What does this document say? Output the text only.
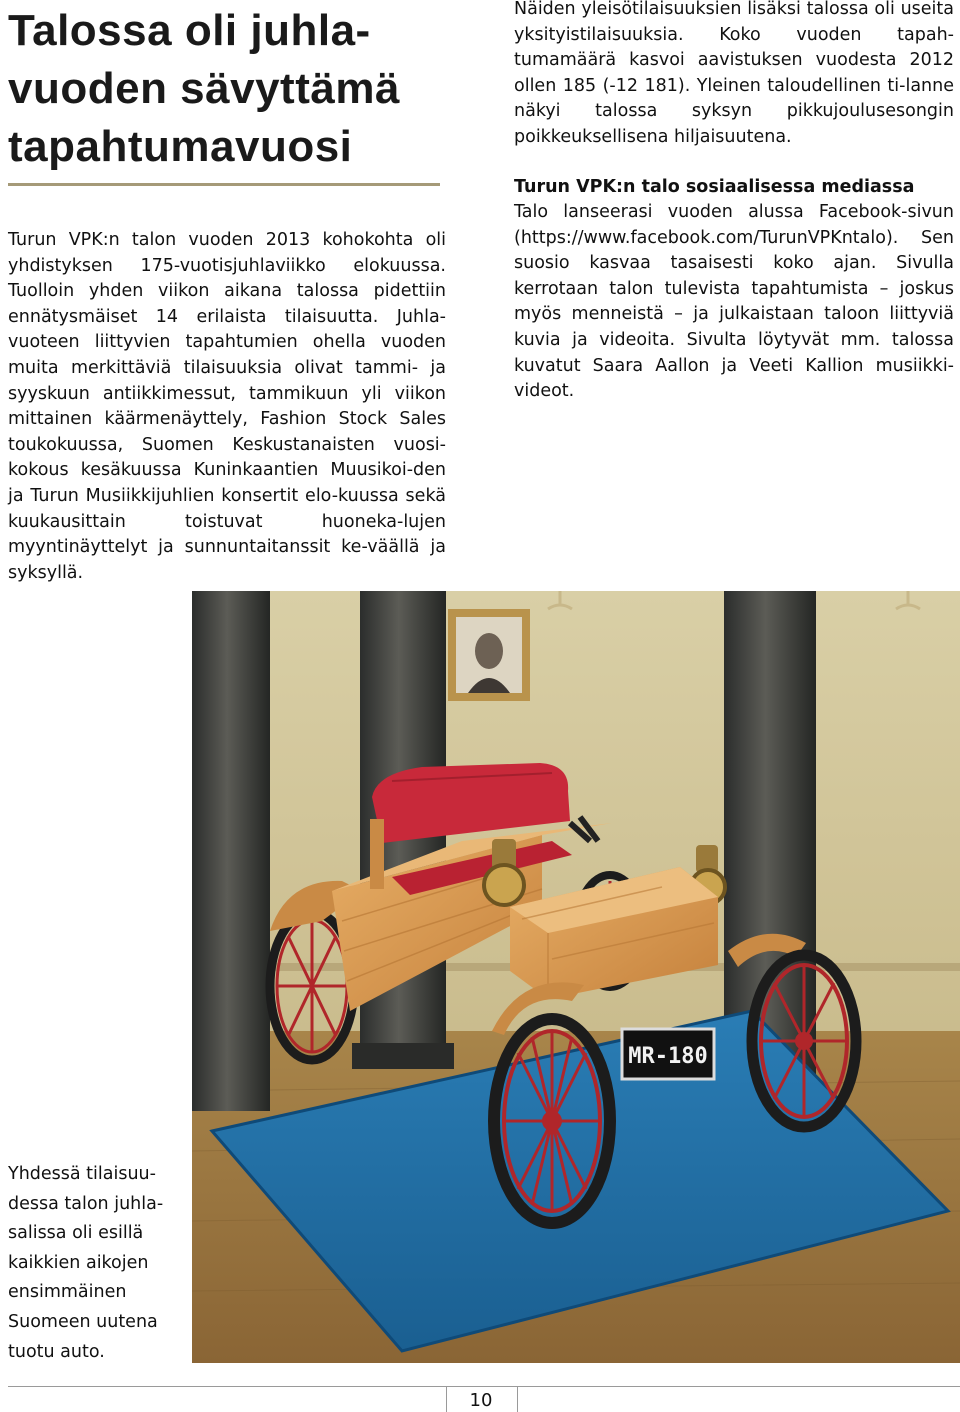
Talossa oli juhla-vuoden sävyttämä tapahtumavuosi

Turun VPK:n talon vuoden 2013 kohokohta oli yhdistyksen 175-vuotisjuhlaviikko elokuussa. Tuolloin yhden viikon aikana talossa pidettiin ennätysmäiset 14 erilaista tilaisuutta. Juhla-vuoteen liittyvien tapahtumien ohella vuoden muita merkittäviä tilaisuuksia olivat tammi- ja syyskuun antiikkimessut, tammikuun yli viikon mittainen käärmenäyttely, Fashion Stock Sales toukokuussa, Suomen Keskustanaisten vuosi-kokous kesäkuussa Kuninkaantien Muusikoi-den ja Turun Musiikkijuhlien konsertit elo-kuussa sekä kuukausittain toistuvat huoneka-lujen myyntinäyttelyt ja sunnuntaitanssit ke-väällä ja syksyllä.

Näiden yleisötilaisuuksien lisäksi talossa oli useita yksityistilaisuuksia. Koko vuoden tapah-tumamäärä kasvoi aavistuksen vuodesta 2012 ollen 185 (-12 181). Yleinen taloudellinen ti-lanne näkyi talossa syksyn pikkujoulusesongin poikkeuksellisena hiljaisuutena.

Turun VPK:n talo sosiaalisessa mediassa

Talo lanseerasi vuoden alussa Facebook-sivun (https://www.facebook.com/TurunVPKntalo). Sen suosio kasvaa tasaisesti koko ajan. Sivulla kerrotaan talon tulevista tapahtumista – joskus myös menneistä – ja julkaistaan taloon liittyviä kuvia ja videoita. Sivulta löytyvät mm. talossa kuvatut Saara Aallon ja Veeti Kallion musiikki-videot.

MR-180

Yhdessä tilaisuu-dessa talon juhla-salissa oli esillä kaikkien aikojen ensimmäinen Suomeen uutena tuotu auto.

10
